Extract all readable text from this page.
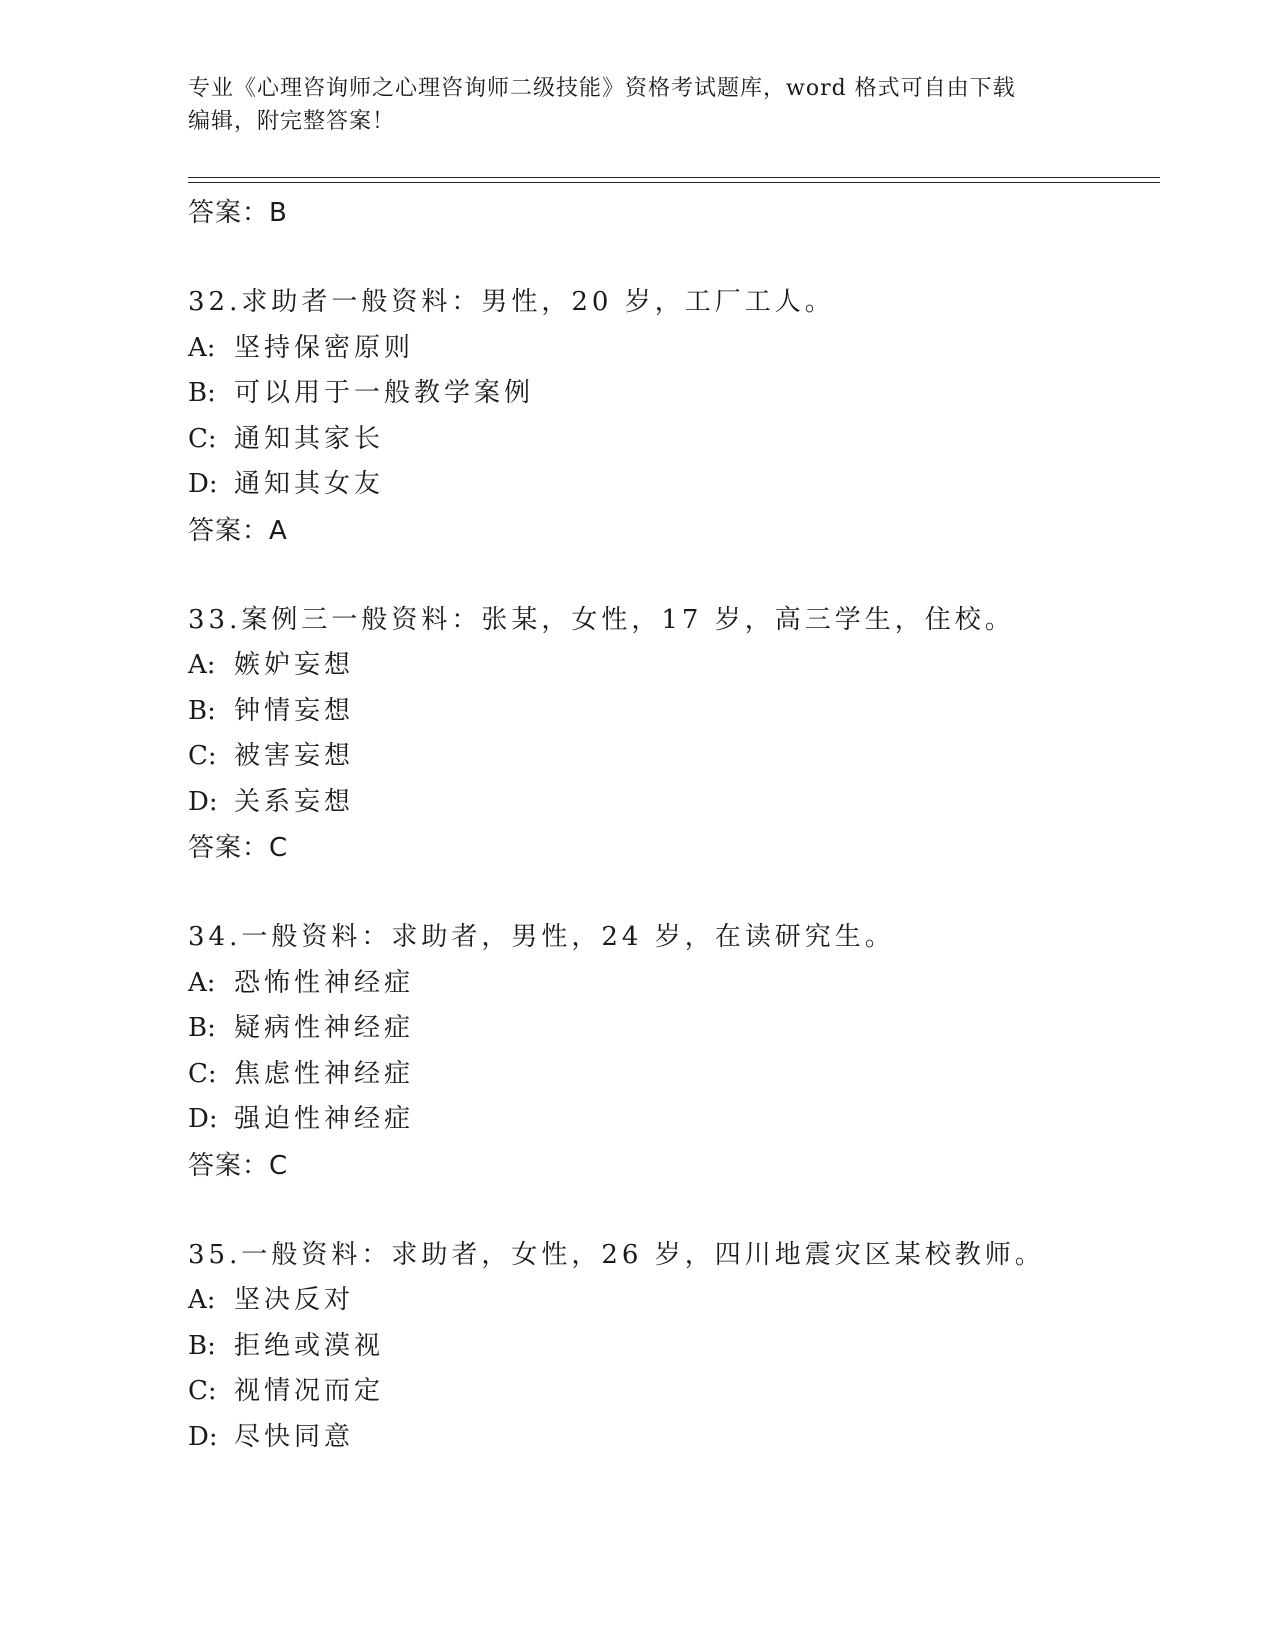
专业《心理咨询师之心理咨询师二级技能》资格考试题库，word 格式可自由下载
编辑，附完整答案！
答案：B
32.求助者一般资料：男性，20 岁，工厂工人。
A: 坚持保密原则
B: 可以用于一般教学案例
C: 通知其家长
D: 通知其女友
答案：A
33.案例三一般资料：张某，女性，17 岁，高三学生，住校。
A: 嫉妒妄想
B: 钟情妄想
C: 被害妄想
D: 关系妄想
答案：C
34.一般资料：求助者，男性，24 岁，在读研究生。
A: 恐怖性神经症
B: 疑病性神经症
C: 焦虑性神经症
D: 强迫性神经症
答案：C
35.一般资料：求助者，女性，26 岁，四川地震灾区某校教师。
A: 坚决反对
B: 拒绝或漠视
C: 视情况而定
D: 尽快同意
